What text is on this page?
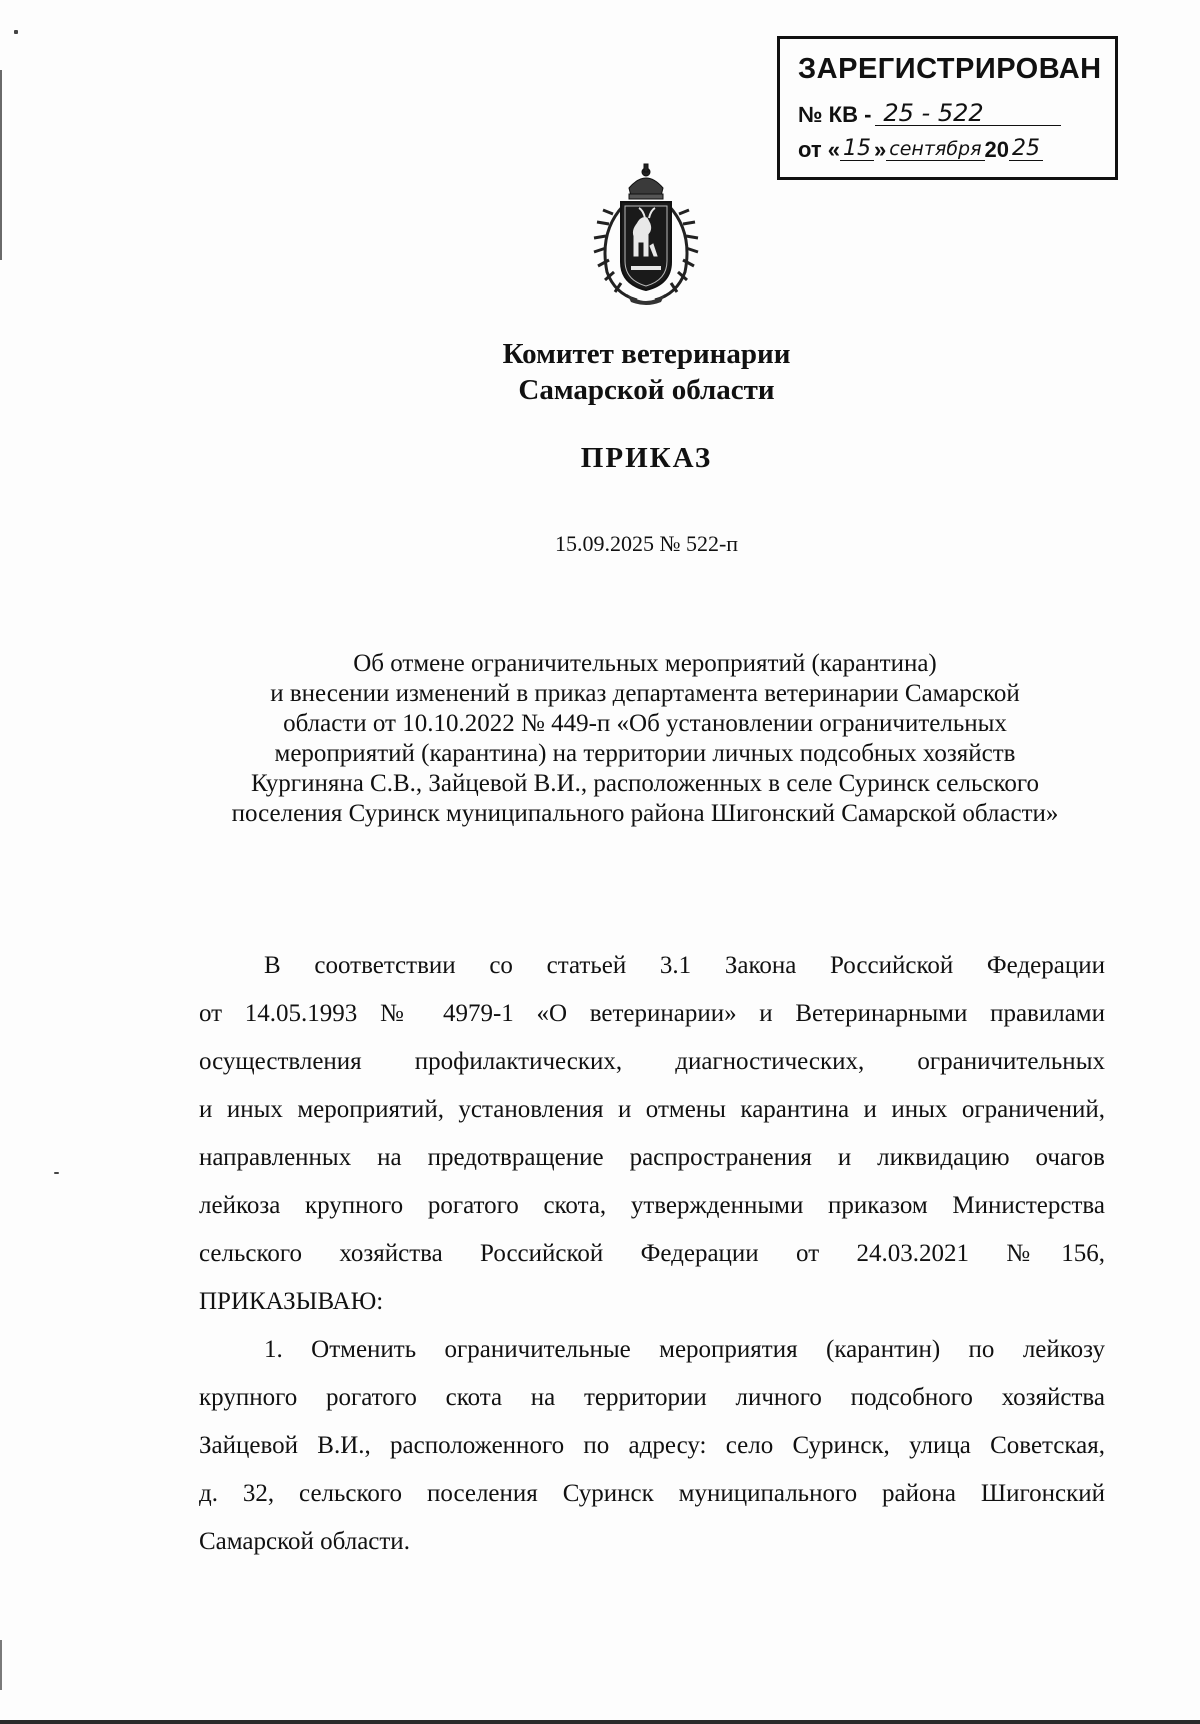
ЗАРЕГИСТРИРОВАН
№ КВ - 25 - 522
от « 15 » сентября 20 25
Комитет ветеринарии
Самарской области
ПРИКАЗ
15.09.2025 № 522-п
Об отмене ограничительных мероприятий (карантина)
и внесении изменений в приказ департамента ветеринарии Самарской
области от 10.10.2022 № 449-п «Об установлении ограничительных
мероприятий (карантина) на территории личных подсобных хозяйств
Кургиняна С.В., Зайцевой В.И., расположенных в селе Суринск сельского
поселения Суринск муниципального района Шигонский Самарской области»
В соответствии со статьей 3.1 Закона Российской Федерации
от 14.05.1993 № 4979-1 «О ветеринарии» и Ветеринарными правилами
осуществления профилактических, диагностических, ограничительных
и иных мероприятий, установления и отмены карантина и иных ограничений,
направленных на предотвращение распространения и ликвидацию очагов
лейкоза крупного рогатого скота, утвержденными приказом Министерства
сельского хозяйства Российской Федерации от 24.03.2021 №156,
ПРИКАЗЫВАЮ:
1. Отменить ограничительные мероприятия (карантин) по лейкозу
крупного рогатого скота на территории личного подсобного хозяйства
Зайцевой В.И., расположенного по адресу: село Суринск, улица Советская,
д. 32, сельского поселения Суринск муниципального района Шигонский
Самарской области.
